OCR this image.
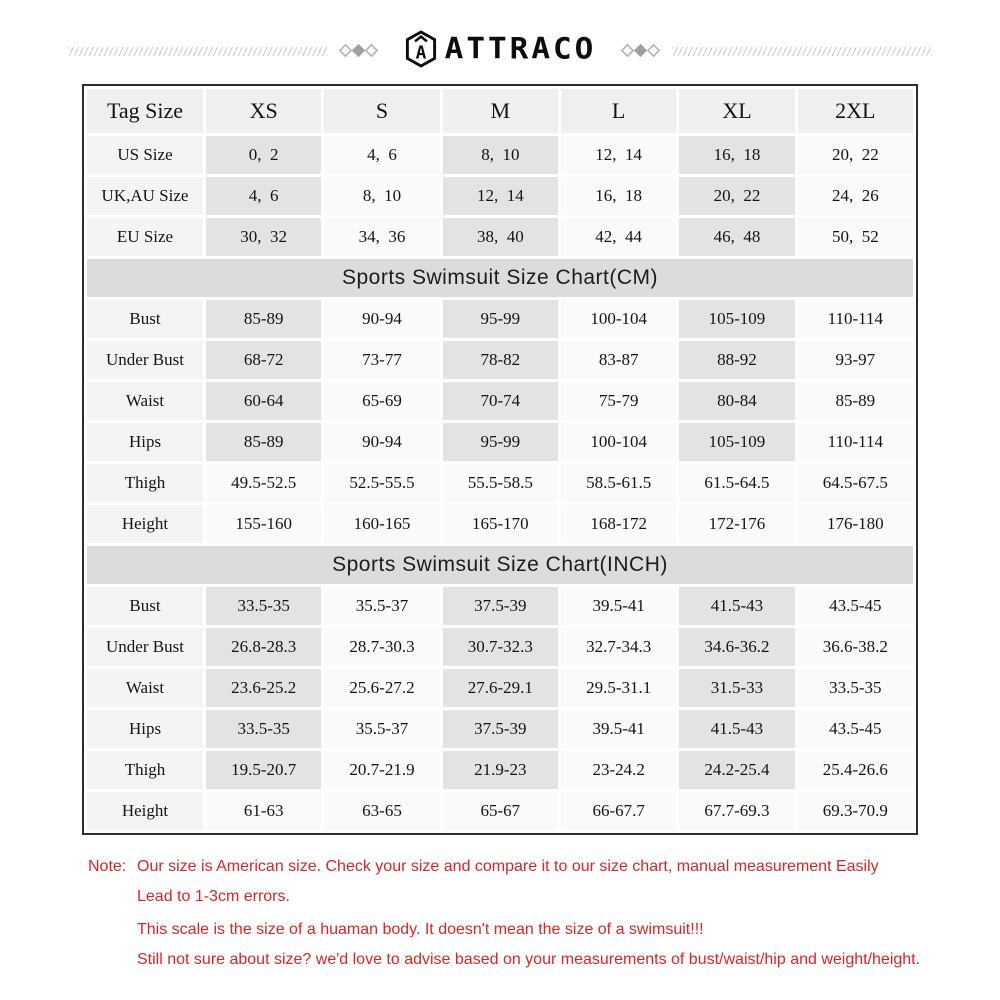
A ATTRACO
Tag Size	XS	S	M	L	XL	2XL
US Size	0,  2	4,  6	8,  10	12,  14	16,  18	20,  22
UK,AU Size	4,  6	8,  10	12,  14	16,  18	20,  22	24,  26
EU Size	30,  32	34,  36	38,  40	42,  44	46,  48	50,  52
Sports Swimsuit Size Chart(CM)						
Bust	85-89	90-94	95-99	100-104	105-109	110-114
Under Bust	68-72	73-77	78-82	83-87	88-92	93-97
Waist	60-64	65-69	70-74	75-79	80-84	85-89
Hips	85-89	90-94	95-99	100-104	105-109	110-114
Thigh	49.5-52.5	52.5-55.5	55.5-58.5	58.5-61.5	61.5-64.5	64.5-67.5
Height	155-160	160-165	165-170	168-172	172-176	176-180
Sports Swimsuit Size Chart(INCH)						
Bust	33.5-35	35.5-37	37.5-39	39.5-41	41.5-43	43.5-45
Under Bust	26.8-28.3	28.7-30.3	30.7-32.3	32.7-34.3	34.6-36.2	36.6-38.2
Waist	23.6-25.2	25.6-27.2	27.6-29.1	29.5-31.1	31.5-33	33.5-35
Hips	33.5-35	35.5-37	37.5-39	39.5-41	41.5-43	43.5-45
Thigh	19.5-20.7	20.7-21.9	21.9-23	23-24.2	24.2-25.4	25.4-26.6
Height	61-63	63-65	65-67	66-67.7	67.7-69.3	69.3-70.9
Note: Our size is American size. Check your size and compare it to our size chart, manual measurement Easily

Lead to 1-3cm errors.

This scale is the size of a huaman body. It doesn't mean the size of a swimsuit!!!

Still not sure about size? we'd love to advise based on your measurements of bust/waist/hip and weight/height.
